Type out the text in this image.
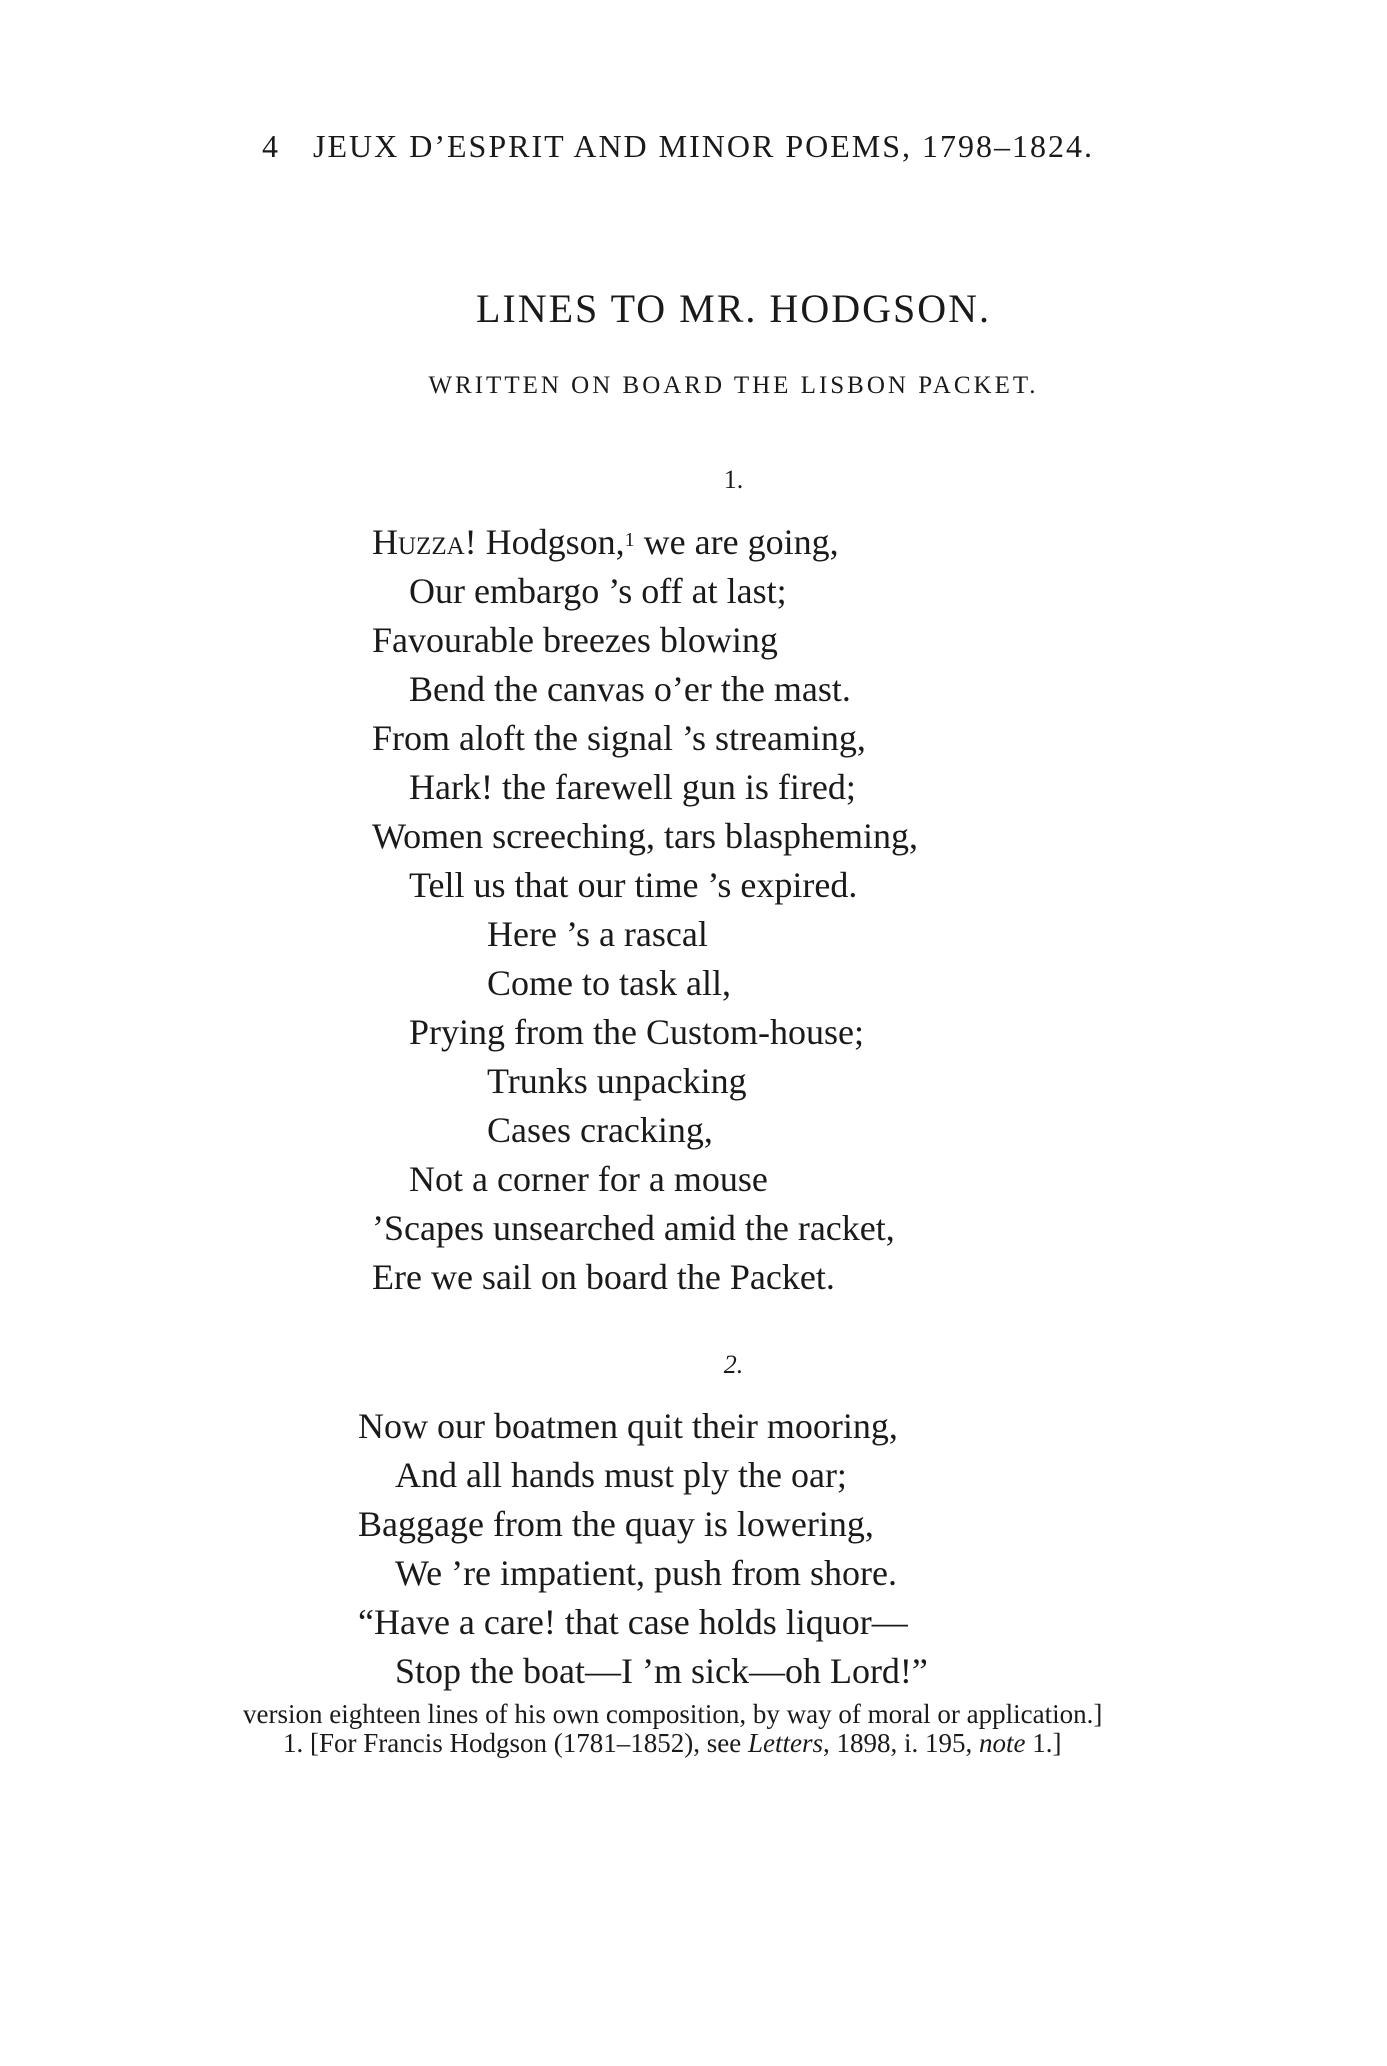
4 JEUX D’ESPRIT AND MINOR POEMS, 1798–1824.
LINES TO MR. HODGSON.
WRITTEN ON BOARD THE LISBON PACKET.
1.
Huzza! Hodgson,$^1$ we are going,
Our embargo ’s off at last;
Favourable breezes blowing
Bend the canvas o’er the mast.
From aloft the signal ’s streaming,
Hark! the farewell gun is fired;
Women screeching, tars blaspheming,
Tell us that our time ’s expired.
Here ’s a rascal
Come to task all,
Prying from the Custom-house;
Trunks unpacking
Cases cracking,
Not a corner for a mouse
’Scapes unsearched amid the racket,
Ere we sail on board the Packet.
2.
Now our boatmen quit their mooring,
And all hands must ply the oar;
Baggage from the quay is lowering,
We ’re impatient, push from shore.
“Have a care! that case holds liquor—
Stop the boat—I ’m sick—oh Lord!”

version eighteen lines of his own composition, by way of moral or application.]

1. [For Francis Hodgson (1781–1852), see Letters, 1898, i. 195, note 1.]
